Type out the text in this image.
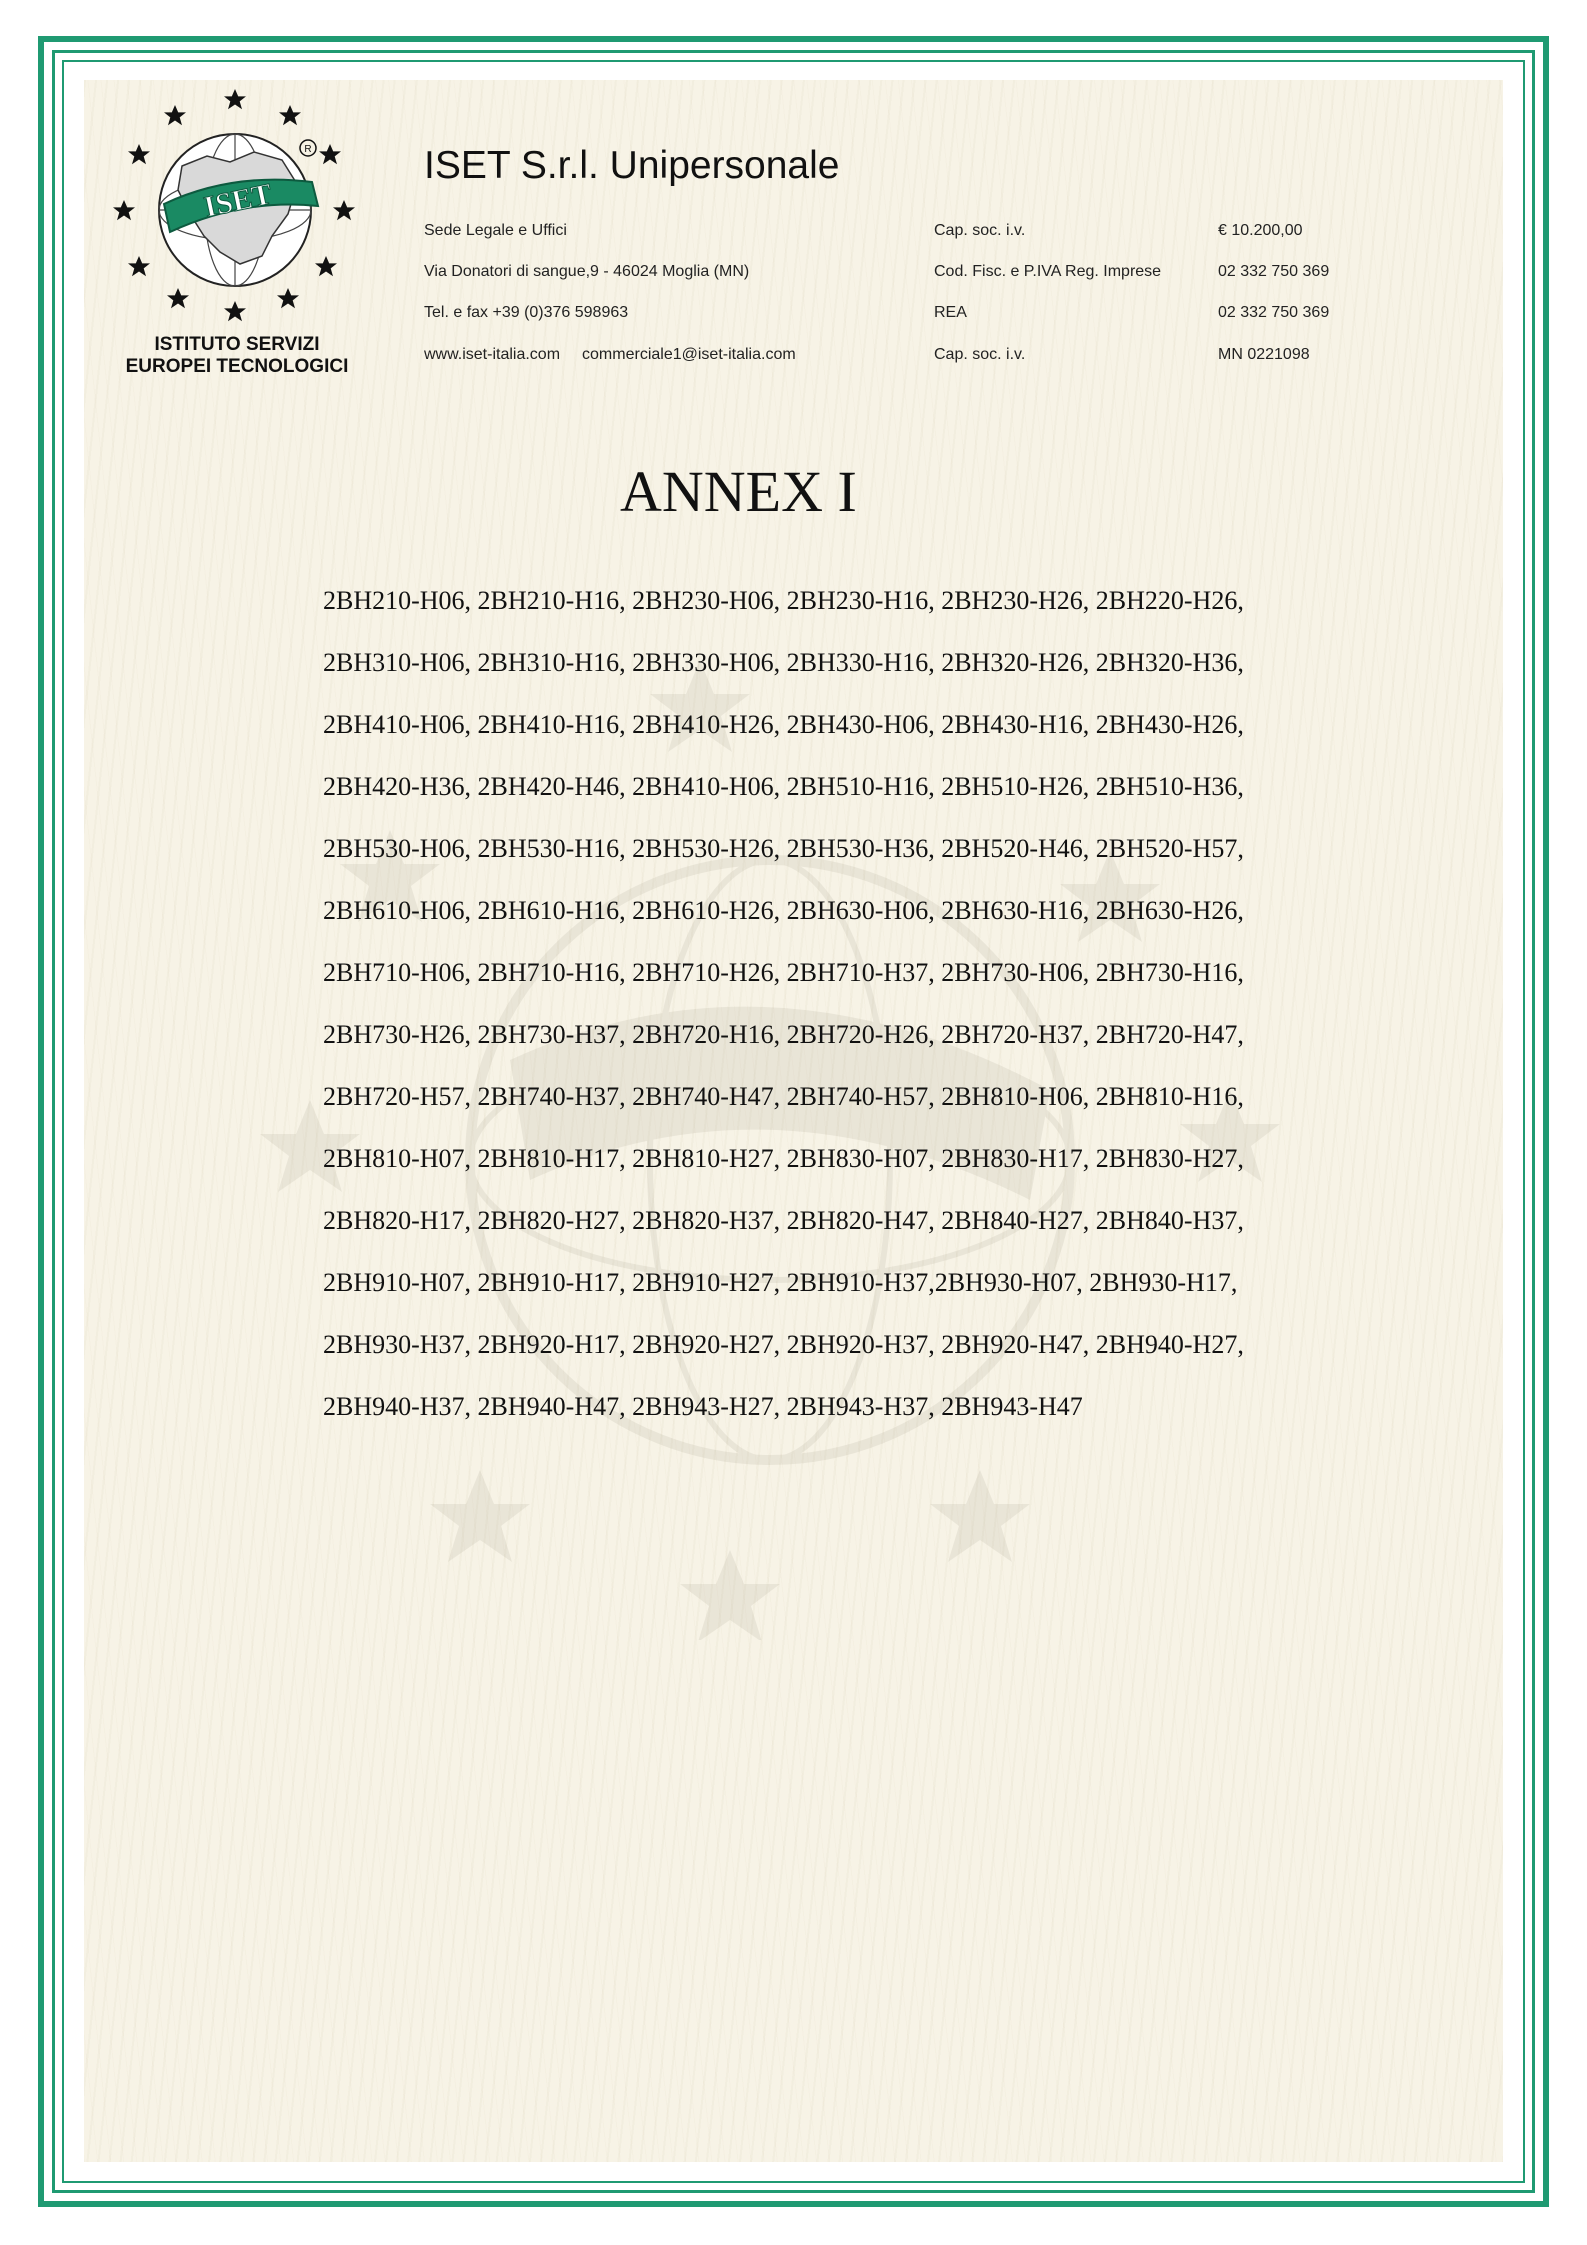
ISET
R
ISTITUTO SERVIZI
EUROPEI TECNOLOGICI
ISET S.r.l. Unipersonale
Sede Legale e Uffici
Via Donatori di sangue,9 - 46024 Moglia (MN)
Tel. e fax +39 (0)376 598963
www.iset-italia.com commerciale1@iset-italia.com
Cap. soc. i.v.
Cod. Fisc. e P.IVA Reg. Imprese
REA
Cap. soc. i.v.
€ 10.200,00
02 332 750 369
02 332 750 369
MN 0221098
ANNEX I
2BH210-H06, 2BH210-H16, 2BH230-H06, 2BH230-H16, 2BH230-H26, 2BH220-H26,
2BH310-H06, 2BH310-H16, 2BH330-H06, 2BH330-H16, 2BH320-H26, 2BH320-H36,
2BH410-H06, 2BH410-H16, 2BH410-H26, 2BH430-H06, 2BH430-H16, 2BH430-H26,
2BH420-H36, 2BH420-H46, 2BH410-H06, 2BH510-H16, 2BH510-H26, 2BH510-H36,
2BH530-H06, 2BH530-H16, 2BH530-H26, 2BH530-H36, 2BH520-H46, 2BH520-H57,
2BH610-H06, 2BH610-H16, 2BH610-H26, 2BH630-H06, 2BH630-H16, 2BH630-H26,
2BH710-H06, 2BH710-H16, 2BH710-H26, 2BH710-H37, 2BH730-H06, 2BH730-H16,
2BH730-H26, 2BH730-H37, 2BH720-H16, 2BH720-H26, 2BH720-H37, 2BH720-H47,
2BH720-H57, 2BH740-H37, 2BH740-H47, 2BH740-H57, 2BH810-H06, 2BH810-H16,
2BH810-H07, 2BH810-H17, 2BH810-H27, 2BH830-H07, 2BH830-H17, 2BH830-H27,
2BH820-H17, 2BH820-H27, 2BH820-H37, 2BH820-H47, 2BH840-H27, 2BH840-H37,
2BH910-H07, 2BH910-H17, 2BH910-H27, 2BH910-H37,2BH930-H07, 2BH930-H17,
2BH930-H37, 2BH920-H17, 2BH920-H27, 2BH920-H37, 2BH920-H47, 2BH940-H27,
2BH940-H37, 2BH940-H47, 2BH943-H27, 2BH943-H37, 2BH943-H47
